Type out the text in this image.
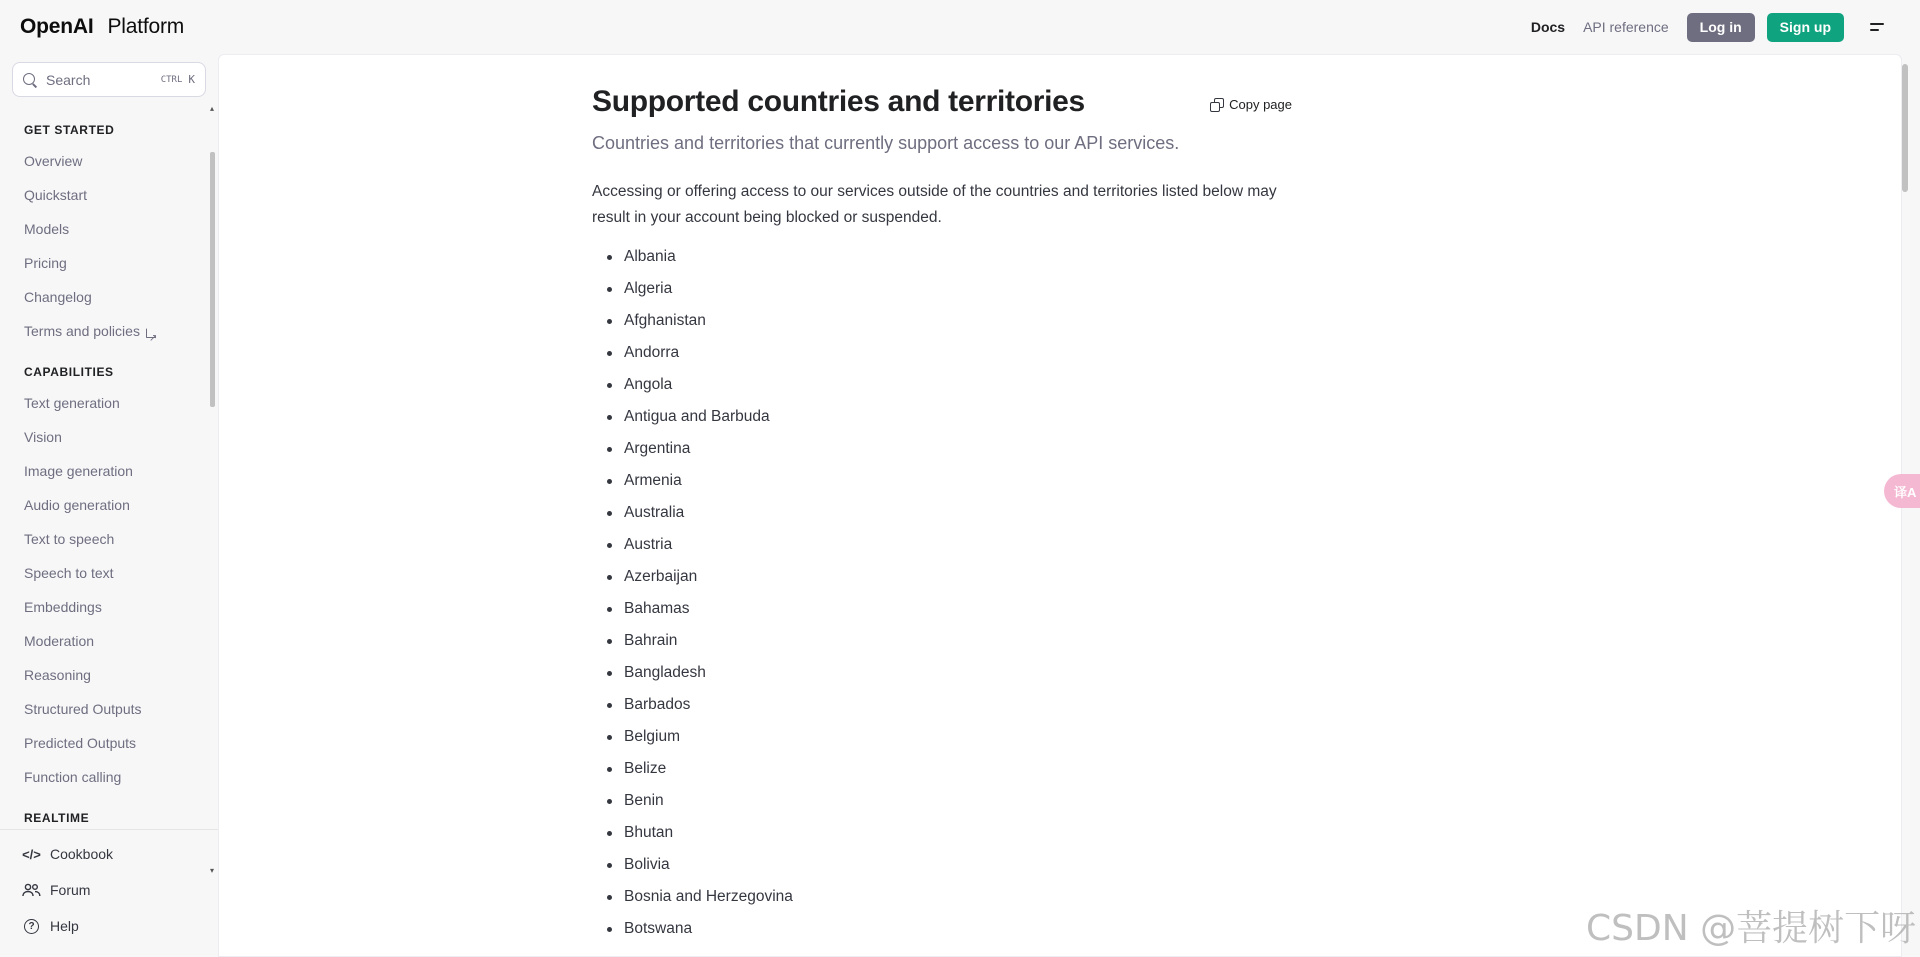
OpenAI Platform	Docs API reference	Log in	Sign up
Search	CTRL K
GET STARTED
Overview
Quickstart
Models
Pricing
Changelog
Terms and policies
↗
CAPABILITIES
Text generation
Vision
Image generation
Audio generation
Text to speech
Speech to text
Embeddings
Moderation
Reasoning
Structured Outputs
Predicted Outputs
Function calling
REALTIME
▴
▾
</> Cookbook
Forum
?	Help
Supported countries and territories	Copy page
Countries and territories that currently support access to our API services.

Accessing or offering access to our services outside of the countries and territories listed below may result in your account being blocked or suspended.

Albania
Algeria
Afghanistan
Andorra
Angola
Antigua and Barbuda
Argentina
Armenia
Australia
Austria
Azerbaijan
Bahamas
Bahrain
Bangladesh
Barbados
Belgium
Belize
Benin
Bhutan
Bolivia
Bosnia and Herzegovina
Botswana
译A
CSDN @菩提树下呀
